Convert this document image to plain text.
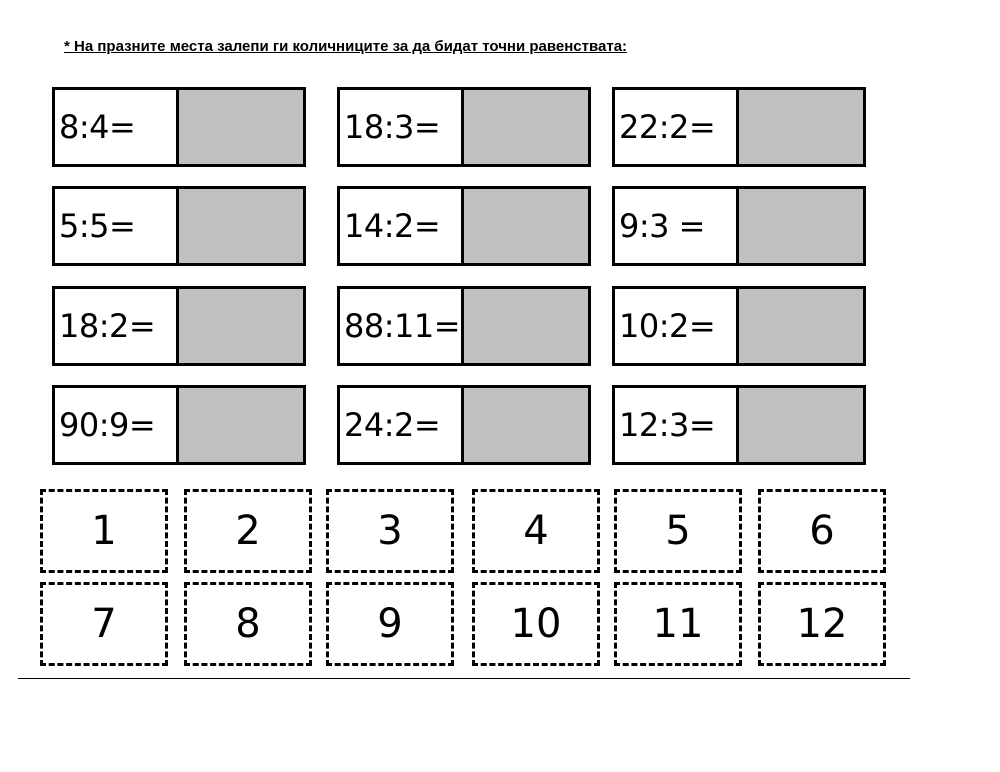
* На празните места залепи ги количниците за да бидат точни равенствата:
8:4=	18:3=	22:2=
5:5=	14:2=	9:3 =
18:2=	88:11=	10:2=
90:9=	24:2=	12:3=
1	2	3	4	5	6
7	8	9	10	11	12
